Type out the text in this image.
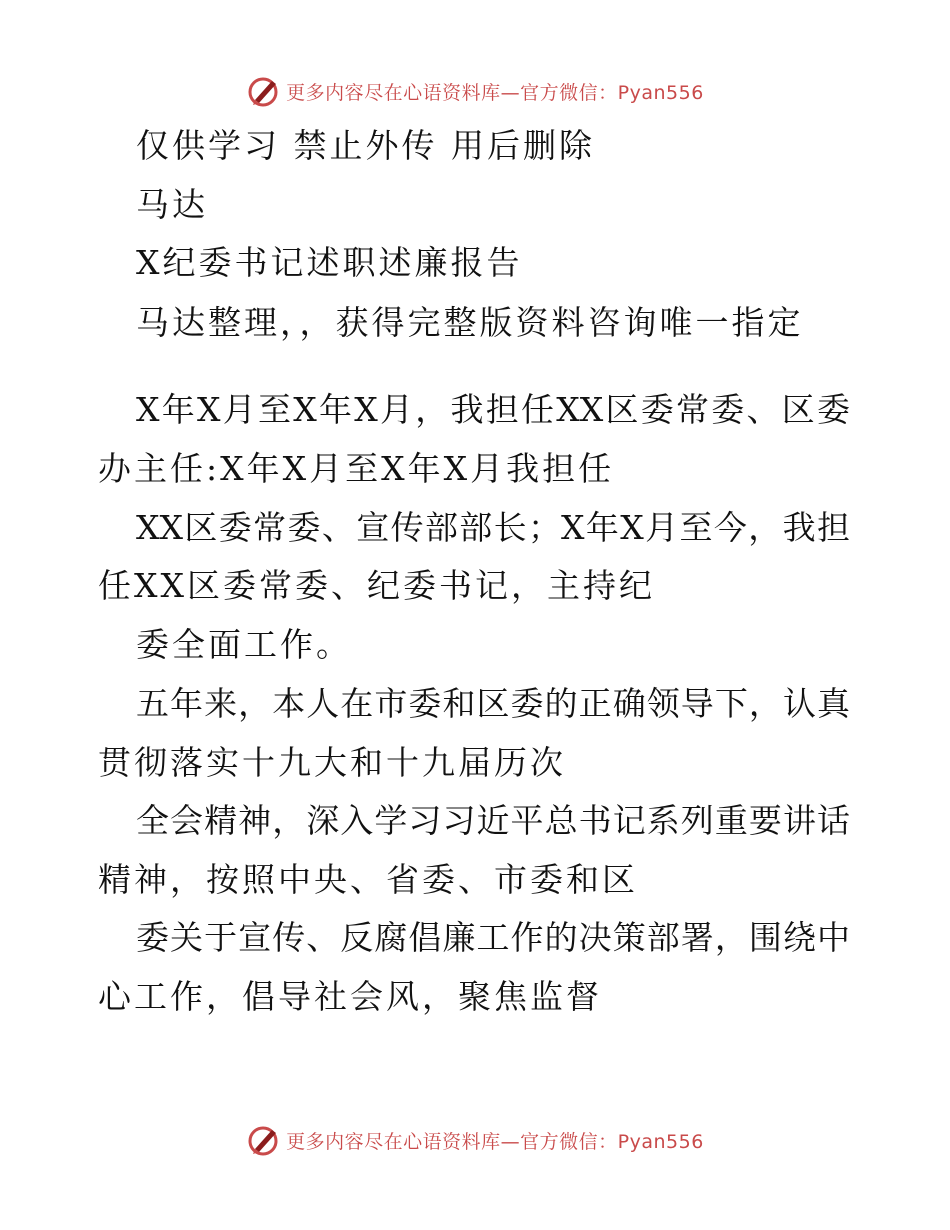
更多内容尽在心语资料库—官方微信：Pyan556
仅供学习 禁止外传 用后删除
马达
X纪委书记述职述廉报告
马达整理，，获得完整版资料咨询唯一指定
X年X月至X年X月，我担任XX区委常委、区委
办主任:X年X月至X年X月我担任
XX区委常委、宣传部部长；X年X月至今，我担
任XX区委常委、纪委书记，主持纪
委全面工作。
五年来，本人在市委和区委的正确领导下，认真
贯彻落实十九大和十九届历次
全会精神，深入学习习近平总书记系列重要讲话
精神，按照中央、省委、市委和区
委关于宣传、反腐倡廉工作的决策部署，围绕中
心工作，倡导社会风，聚焦监督
更多内容尽在心语资料库—官方微信：Pyan556
